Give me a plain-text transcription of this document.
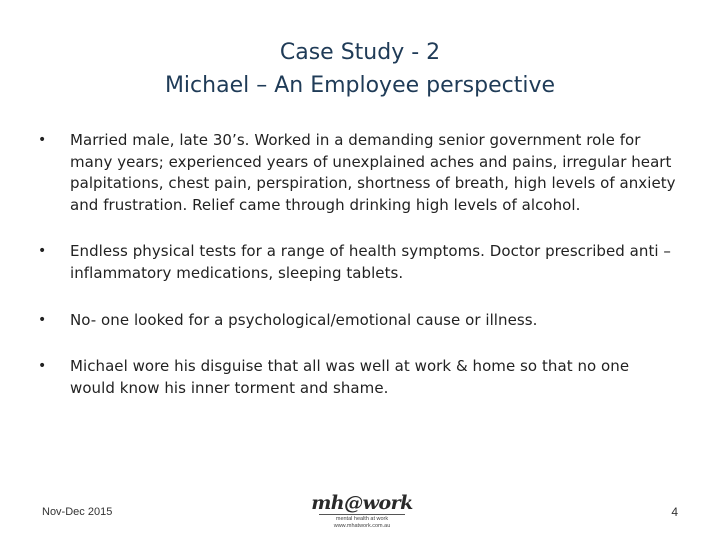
Case Study - 2
Michael – An Employee perspective
• Married male, late 30’s. Worked in a demanding senior government role for many years; experienced years of unexplained aches and pains, irregular heart palpitations, chest pain, perspiration, shortness of breath, high levels of anxiety and frustration. Relief came through drinking high levels of alcohol.
• Endless physical tests for a range of health symptoms. Doctor prescribed anti – inflammatory medications, sleeping tablets.
• No- one looked for a psychological/emotional cause or illness.
• Michael wore his disguise that all was well at work & home so that no one would know his inner torment and shame.
Nov-Dec 2015	mh@work
mental health at work
www.mhatwork.com.au
4
